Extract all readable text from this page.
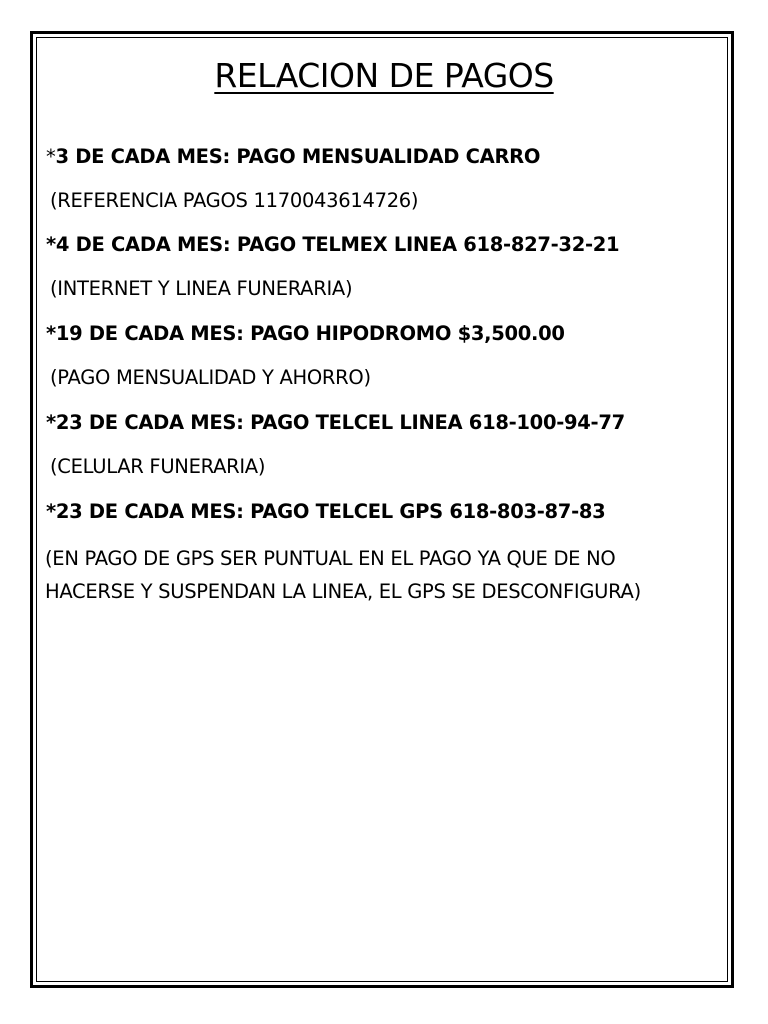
RELACION DE PAGOS
*3 DE CADA MES: PAGO MENSUALIDAD CARRO
(REFERENCIA PAGOS 1170043614726)
*4 DE CADA MES: PAGO TELMEX LINEA 618-827-32-21
(INTERNET Y LINEA FUNERARIA)
*19 DE CADA MES: PAGO HIPODROMO $3,500.00
(PAGO MENSUALIDAD Y AHORRO)
*23 DE CADA MES: PAGO TELCEL LINEA 618-100-94-77
(CELULAR FUNERARIA)
*23 DE CADA MES: PAGO TELCEL GPS 618-803-87-83
(EN PAGO DE GPS SER PUNTUAL EN EL PAGO YA QUE DE NO
HACERSE Y SUSPENDAN LA LINEA, EL GPS SE DESCONFIGURA)
